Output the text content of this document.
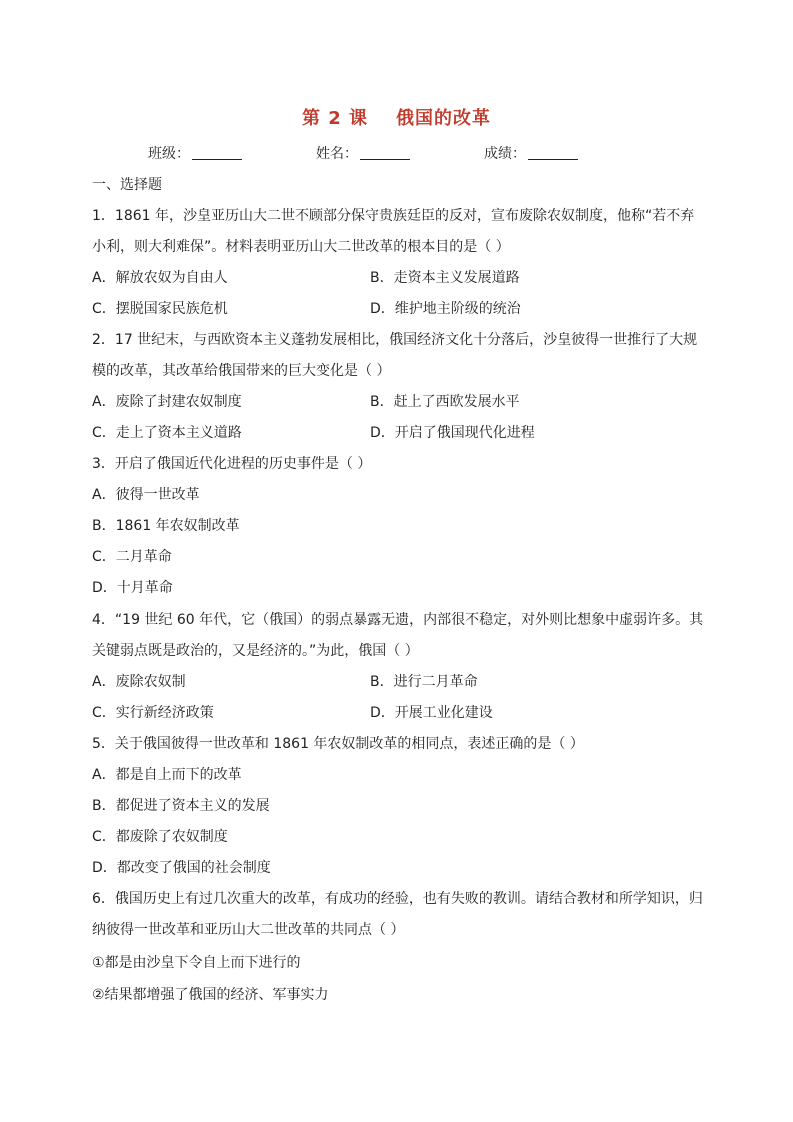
第 2 课 俄国的改革
班级：	姓名：	成绩：
一、选择题
1．1861 年，沙皇亚历山大二世不顾部分保守贵族廷臣的反对，宣布废除农奴制度，他称“若不弃
小利，则大利难保”。材料表明亚历山大二世改革的根本目的是（ ）
A．解放农奴为自由人	B．走资本主义发展道路
C．摆脱国家民族危机	D．维护地主阶级的统治
2．17 世纪末，与西欧资本主义蓬勃发展相比，俄国经济文化十分落后，沙皇彼得一世推行了大规
模的改革，其改革给俄国带来的巨大变化是（ ）
A．废除了封建农奴制度	B．赶上了西欧发展水平
C．走上了资本主义道路	D．开启了俄国现代化进程
3．开启了俄国近代化进程的历史事件是（ ）
A．彼得一世改革
B．1861 年农奴制改革
C．二月革命
D．十月革命
4．“19 世纪 60 年代，它（俄国）的弱点暴露无遗，内部很不稳定，对外则比想象中虚弱许多。其
关键弱点既是政治的，又是经济的。”为此，俄国（ ）
A．废除农奴制	B．进行二月革命
C．实行新经济政策	D．开展工业化建设
5．关于俄国彼得一世改革和 1861 年农奴制改革的相同点，表述正确的是（ ）
A．都是自上而下的改革
B．都促进了资本主义的发展
C．都废除了农奴制度
D．都改变了俄国的社会制度
6．俄国历史上有过几次重大的改革，有成功的经验，也有失败的教训。请结合教材和所学知识，归
纳彼得一世改革和亚历山大二世改革的共同点（ ）
①都是由沙皇下令自上而下进行的
②结果都增强了俄国的经济、军事实力
